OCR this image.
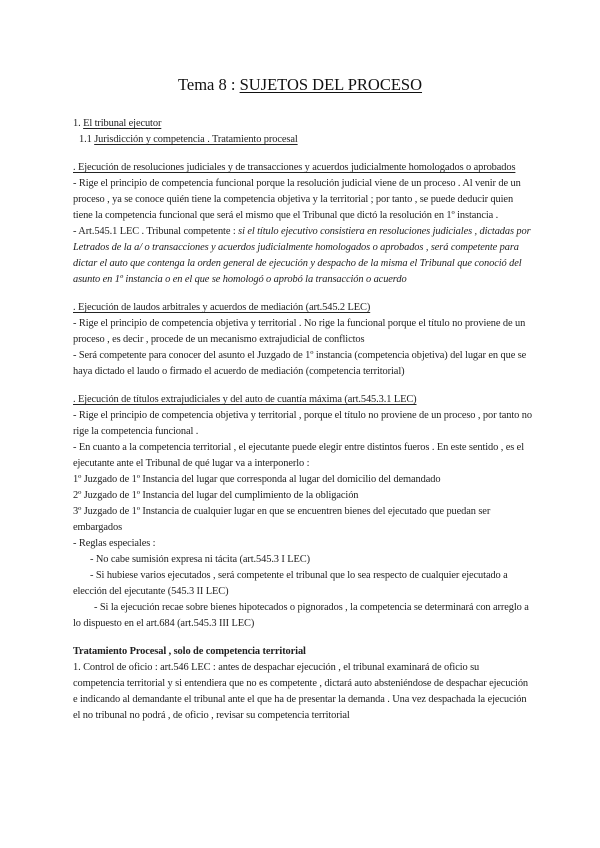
Tema 8 : SUJETOS DEL PROCESO

1. El tribunal ejecutor

1.1 Jurisdicción y competencia . Tratamiento procesal

. Ejecución de resoluciones judiciales y de transacciones y acuerdos judicialmente homologados o aprobados

- Rige el principio de competencia funcional porque la resolución judicial viene de un proceso . Al venir de un proceso , ya se conoce quién tiene la competencia objetiva y la territorial ; por tanto , se puede deducir quien tiene la competencia funcional que será el mismo que el Tribunal que dictó la resolución en 1º instancia .

- Art.545.1 LEC . Tribunal competente : si el título ejecutivo consistiera en resoluciones judiciales , dictadas por Letrados de la a/ o transacciones y acuerdos judicialmente homologados o aprobados , será competente para dictar el auto que contenga la orden general de ejecución y despacho de la misma el Tribunal que conoció del asunto en 1º instancia o en el que se homologó o aprobó la transacción o acuerdo

. Ejecución de laudos arbitrales y acuerdos de mediación (art.545.2 LEC)

- Rige el principio de competencia objetiva y territorial . No rige la funcional porque el título no proviene de un proceso , es decir , procede de un mecanismo extrajudicial de conflictos

- Será competente para conocer del asunto el Juzgado de 1º instancia (competencia objetiva) del lugar en que se haya dictado el laudo o firmado el acuerdo de mediación (competencia territorial)

. Ejecución de títulos extrajudiciales y del auto de cuantía máxima (art.545.3.1 LEC)

- Rige el principio de competencia objetiva y territorial , porque el título no proviene de un proceso , por tanto no rige la competencia funcional .

- En cuanto a la competencia territorial , el ejecutante puede elegir entre distintos fueros . En este sentido , es el ejecutante ante el Tribunal de qué lugar va a interponerlo :

1º Juzgado de 1º Instancia del lugar que corresponda al lugar del domicilio del demandado

2º Juzgado de 1º Instancia del lugar del cumplimiento de la obligación

3º Juzgado de 1º Instancia de cualquier lugar en que se encuentren bienes del ejecutado que puedan ser embargados

- Reglas especiales :

- No cabe sumisión expresa ni tácita (art.545.3 I LEC)

- Si hubiese varios ejecutados , será competente el tribunal que lo sea respecto de cualquier ejecutado a elección del ejecutante (545.3 II LEC)

- Si la ejecución recae sobre bienes hipotecados o pignorados , la competencia se determinará con arreglo a lo dispuesto en el art.684 (art.545.3 III LEC)

Tratamiento Procesal , solo de competencia territorial

1. Control de oficio : art.546 LEC : antes de despachar ejecución , el tribunal examinará de oficio su competencia territorial y si entendiera que no es competente , dictará auto absteniéndose de despachar ejecución e indicando al demandante el tribunal ante el que ha de presentar la demanda . Una vez despachada la ejecución el no tribunal no podrá , de oficio , revisar su competencia territorial
